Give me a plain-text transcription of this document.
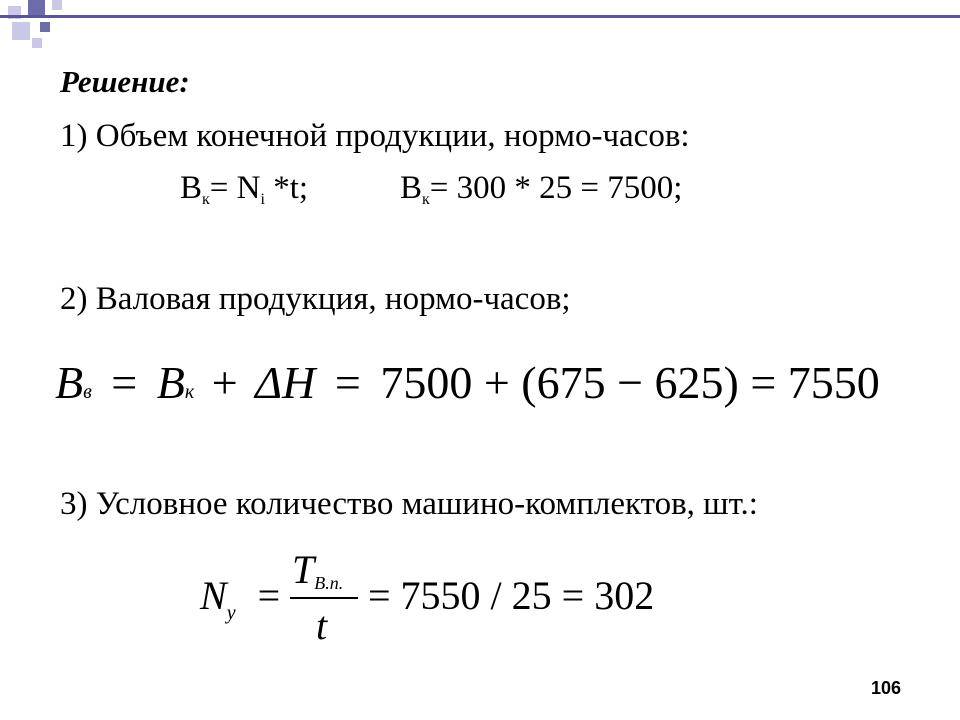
Решение:
1) Объем конечной продукции, нормо-часов:
Вк= Ni *t;	Вк= 300 * 25 = 7500;
2) Валовая продукция, нормо-часов;
Bв = Bк + ΔH = 7500 + (675 − 625) = 7550
3) Условное количество машино-комплектов, шт.:
$N_у$ =
TВ.п.
t
= 7550 / 25 = 302
106
